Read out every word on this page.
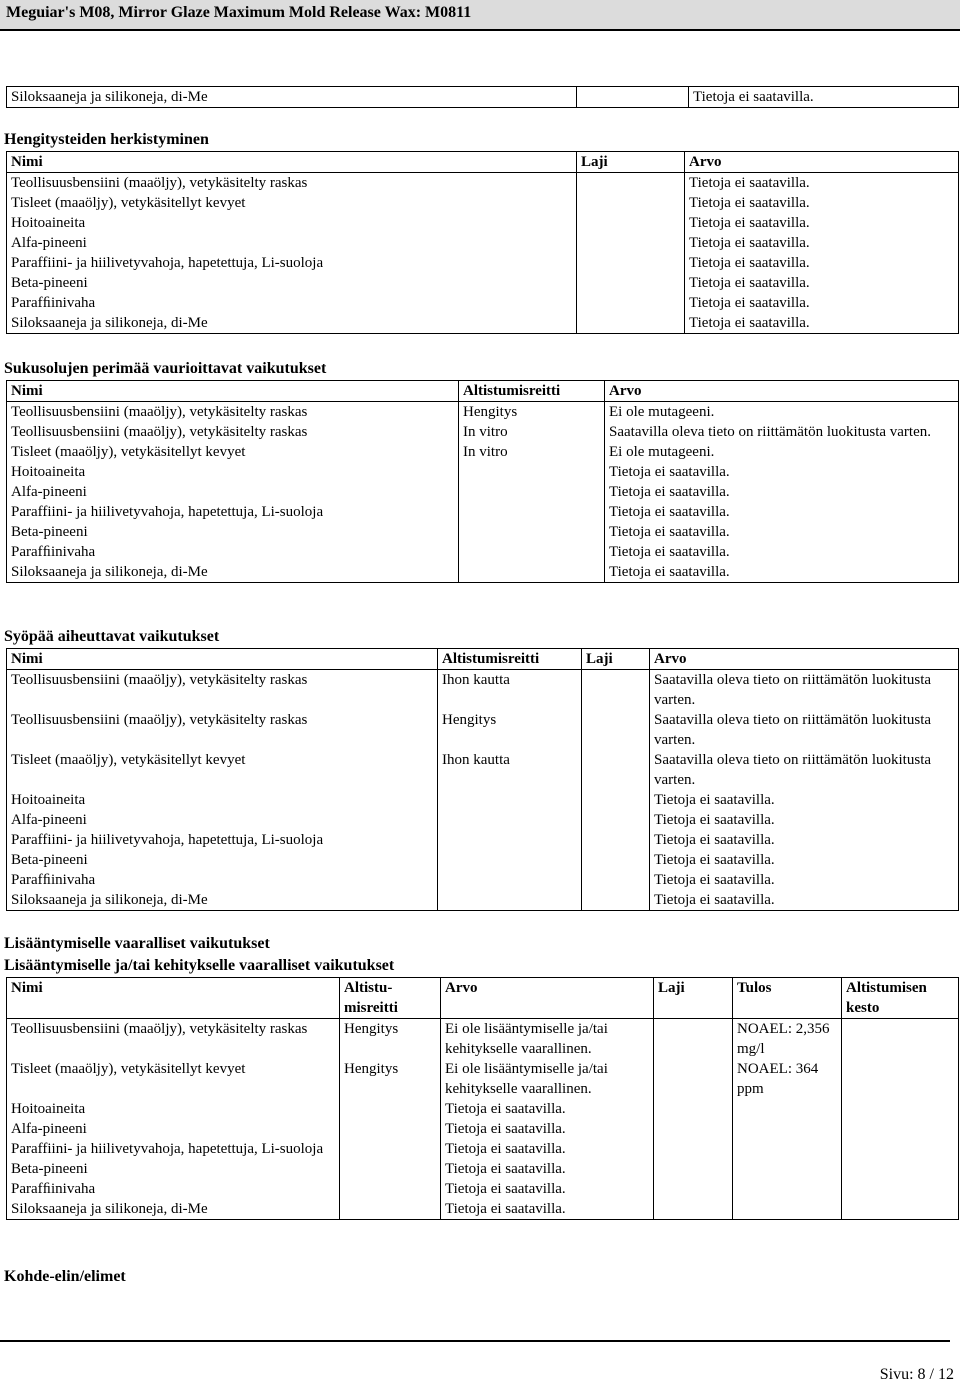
Meguiar's M08, Mirror Glaze Maximum Mold Release Wax: M0811
Siloksaaneja ja silikoneja, di-Me		Tietoja ei saatavilla.
Hengitysteiden herkistyminen
Nimi	Laji	Arvo
Teollisuusbensiini (maaöljy), vetykäsitelty raskas		Tietoja ei saatavilla.
Tisleet (maaöljy), vetykäsitellyt kevyet		Tietoja ei saatavilla.
Hoitoaineita		Tietoja ei saatavilla.
Alfa-pineeni		Tietoja ei saatavilla.
Paraffiini- ja hiilivetyvahoja, hapetettuja, Li-suoloja		Tietoja ei saatavilla.
Beta-pineeni		Tietoja ei saatavilla.
Parafﬁinivaha		Tietoja ei saatavilla.
Siloksaaneja ja silikoneja, di-Me		Tietoja ei saatavilla.
Sukusolujen perimää vaurioittavat vaikutukset
Nimi	Altistumisreitti	Arvo
Teollisuusbensiini (maaöljy), vetykäsitelty raskas	Hengitys	Ei ole mutageeni.
Teollisuusbensiini (maaöljy), vetykäsitelty raskas	In vitro	Saatavilla oleva tieto on riittämätön luokitusta varten.
Tisleet (maaöljy), vetykäsitellyt kevyet	In vitro	Ei ole mutageeni.
Hoitoaineita		Tietoja ei saatavilla.
Alfa-pineeni		Tietoja ei saatavilla.
Paraffiini- ja hiilivetyvahoja, hapetettuja, Li-suoloja		Tietoja ei saatavilla.
Beta-pineeni		Tietoja ei saatavilla.
Parafﬁinivaha		Tietoja ei saatavilla.
Siloksaaneja ja silikoneja, di-Me		Tietoja ei saatavilla.
Syöpää aiheuttavat vaikutukset
Nimi	Altistumisreitti	Laji	Arvo
Teollisuusbensiini (maaöljy), vetykäsitelty raskas	Ihon kautta		Saatavilla oleva tieto on riittämätön luokitusta varten.
Teollisuusbensiini (maaöljy), vetykäsitelty raskas	Hengitys		Saatavilla oleva tieto on riittämätön luokitusta varten.
Tisleet (maaöljy), vetykäsitellyt kevyet	Ihon kautta		Saatavilla oleva tieto on riittämätön luokitusta varten.
Hoitoaineita			Tietoja ei saatavilla.
Alfa-pineeni			Tietoja ei saatavilla.
Paraffiini- ja hiilivetyvahoja, hapetettuja, Li-suoloja			Tietoja ei saatavilla.
Beta-pineeni			Tietoja ei saatavilla.
Parafﬁinivaha			Tietoja ei saatavilla.
Siloksaaneja ja silikoneja, di-Me			Tietoja ei saatavilla.
Lisääntymiselle vaaralliset vaikutukset
Lisääntymiselle ja/tai kehitykselle vaaralliset vaikutukset
Nimi	Altistu-misreitti	Arvo	Laji	Tulos	Altistumisen kesto
Teollisuusbensiini (maaöljy), vetykäsitelty raskas	Hengitys	Ei ole lisääntymiselle ja/tai kehitykselle vaarallinen.		NOAEL: 2,356 mg/l	
Tisleet (maaöljy), vetykäsitellyt kevyet	Hengitys	Ei ole lisääntymiselle ja/tai kehitykselle vaarallinen.		NOAEL: 364 ppm	
Hoitoaineita		Tietoja ei saatavilla.			
Alfa-pineeni		Tietoja ei saatavilla.			
Paraffiini- ja hiilivetyvahoja, hapetettuja, Li-suoloja		Tietoja ei saatavilla.			
Beta-pineeni		Tietoja ei saatavilla.			
Parafﬁinivaha		Tietoja ei saatavilla.			
Siloksaaneja ja silikoneja, di-Me		Tietoja ei saatavilla.			
Kohde-elin/elimet
Sivu: 8 / 12
